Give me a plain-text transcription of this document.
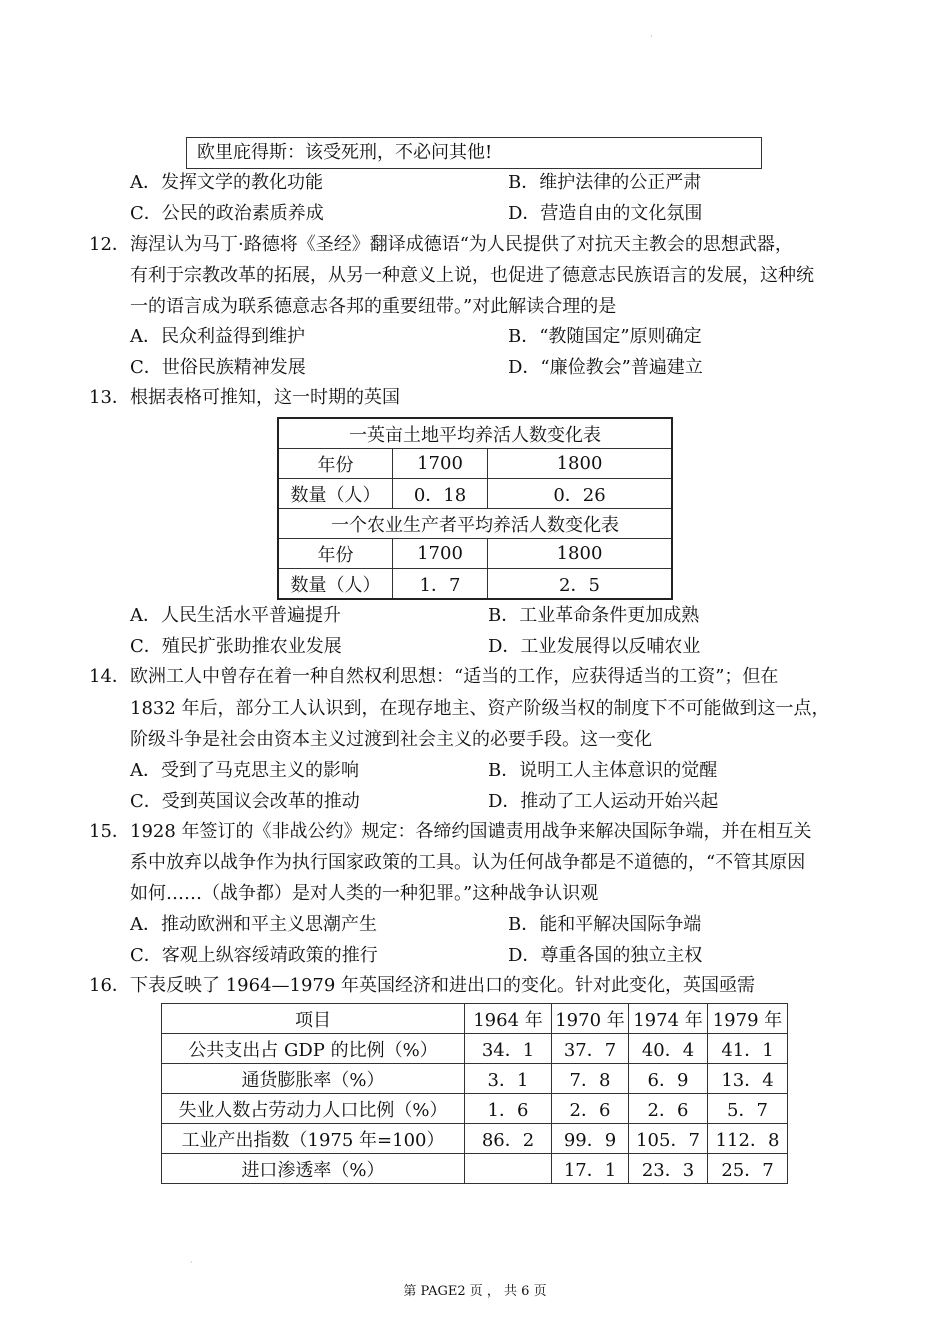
欧里庇得斯：该受死刑，不必问其他!
A．发挥文学的教化功能	B．维护法律的公正严肃
C．公民的政治素质养成	D．营造自由的文化氛围
12． 海涅认为马丁·路德将《圣经》翻译成德语“为人民提供了对抗天主教会的思想武器，
有利于宗教改革的拓展，从另一种意义上说，也促进了德意志民族语言的发展，这种统
一的语言成为联系德意志各邦的重要纽带。”对此解读合理的是
A．民众利益得到维护	B．“教随国定”原则确定
C．世俗民族精神发展	D．“廉俭教会”普遍建立
13． 根据表格可推知，这一时期的英国
一英亩土地平均养活人数变化表		
年份	1700	1800
数量（人）	0．18	0．26
一个农业生产者平均养活人数变化表		
年份	1700	1800
数量（人）	1．7	2．5
A．人民生活水平普遍提升	B．工业革命条件更加成熟
C．殖民扩张助推农业发展	D．工业发展得以反哺农业
14． 欧洲工人中曾存在着一种自然权利思想：“适当的工作，应获得适当的工资”；但在
1832 年后，部分工人认识到，在现存地主、资产阶级当权的制度下不可能做到这一点，
阶级斗争是社会由资本主义过渡到社会主义的必要手段。这一变化
A．受到了马克思主义的影响	B．说明工人主体意识的觉醒
C．受到英国议会改革的推动	D．推动了工人运动开始兴起
15． 1928 年签订的《非战公约》规定：各缔约国谴责用战争来解决国际争端，并在相互关
系中放弃以战争作为执行国家政策的工具。认为任何战争都是不道德的，“不管其原因
如何……（战争都）是对人类的一种犯罪。”这种战争认识观
A．推动欧洲和平主义思潮产生	B．能和平解决国际争端
C．客观上纵容绥靖政策的推行	D．尊重各国的独立主权
16． 下表反映了 1964—1979 年英国经济和进出口的变化。针对此变化，英国亟需
项目	1964 年	1970 年	1974 年	1979 年
公共支出占 GDP 的比例（%）	34．1	37．7	40．4	41．1
通货膨胀率（%）	3．1	7．8	6．9	13．4
失业人数占劳动力人口比例（%）	1．6	2．6	2．6	5．7
工业产出指数（1975 年=100）	86．2	99．9	105．7	112．8
进口渗透率（%）		17．1	23．3	25．7
·
·
第 PAGE2 页 ， 共 6 页
